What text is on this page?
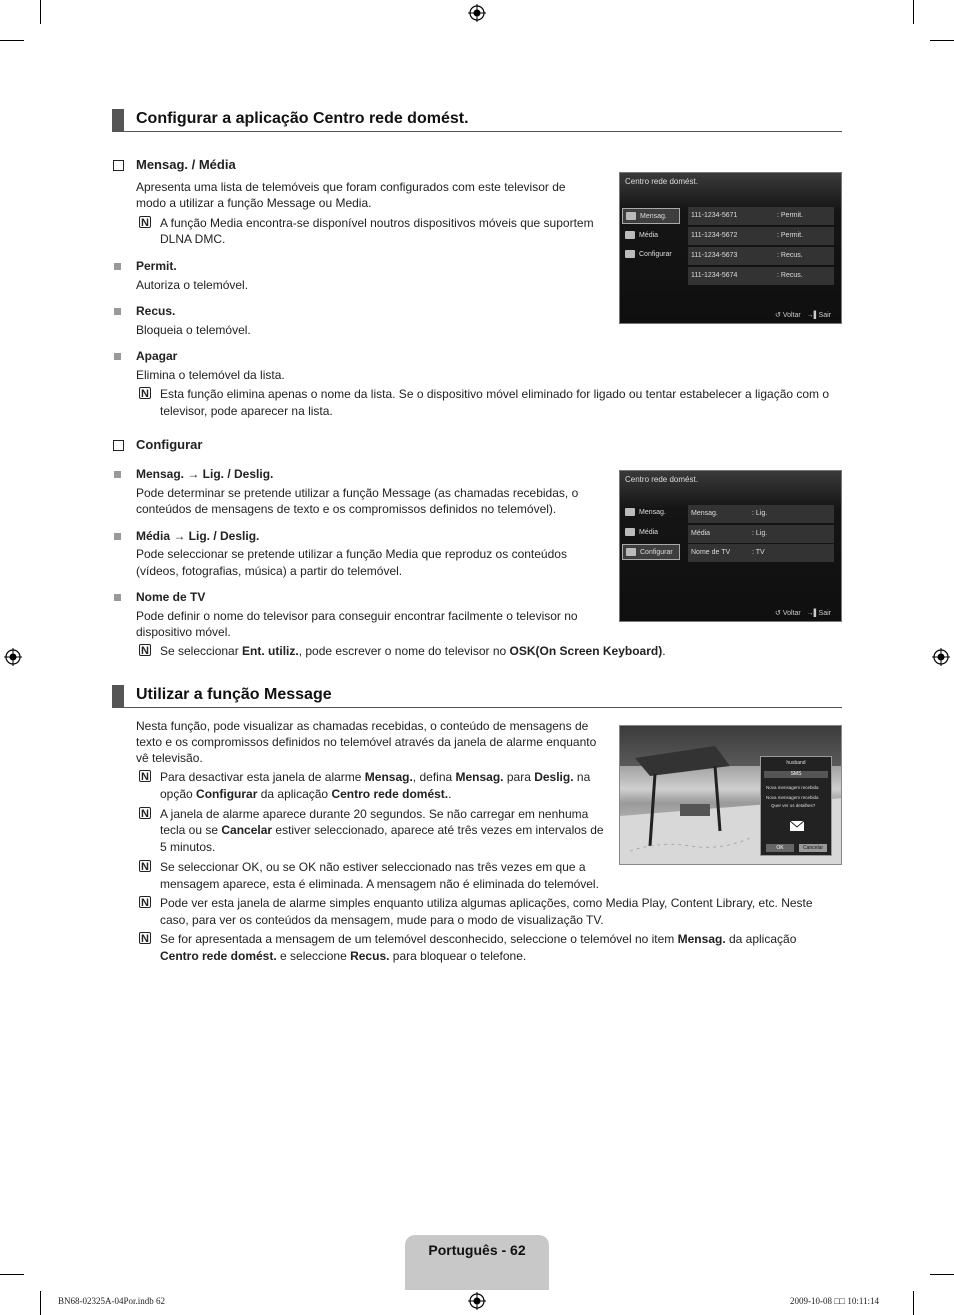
Configurar a aplicação Centro rede domést.
Mensag. / Média
Apresenta uma lista de telemóveis que foram configurados com este televisor de
modo a utilizar a função Message ou Media.
N A função Media encontra-se disponível noutros dispositivos móveis que suportem
DLNA DMC.
Permit.
Autoriza o telemóvel.
Recus.
Bloqueia o telemóvel.
Apagar
Elimina o telemóvel da lista.
N Esta função elimina apenas o nome da lista. Se o dispositivo móvel eliminado for ligado ou tentar estabelecer a ligação com o
televisor, pode aparecer na lista.
Centro rede domést.
Mensag.
Média
Configurar
111-1234-5671	: Permit.
111-1234-5672	: Permit.
111-1234-5673	: Recus.
111-1234-5674	: Recus.
↺ Voltar →▌Sair
Configurar
Mensag. → Lig. / Deslig.
Pode determinar se pretende utilizar a função Message (as chamadas recebidas, o
conteúdos de mensagens de texto e os compromissos definidos no telemóvel).
Média → Lig. / Deslig.
Pode seleccionar se pretende utilizar a função Media que reproduz os conteúdos
(vídeos, fotografias, música) a partir do telemóvel.
Nome de TV
Pode definir o nome do televisor para conseguir encontrar facilmente o televisor no
dispositivo móvel.
N Se seleccionar Ent. utiliz., pode escrever o nome do televisor no OSK(On Screen Keyboard).
Centro rede domést.
Mensag.
Média
Configurar
Mensag.	: Lig.
Média	: Lig.
Nome de TV	: TV
↺ Voltar →▌Sair
Utilizar a função Message
Nesta função, pode visualizar as chamadas recebidas, o conteúdo de mensagens de
texto e os compromissos definidos no telemóvel através da janela de alarme enquanto
vê televisão.
N Para desactivar esta janela de alarme Mensag., defina Mensag. para Deslig. na
opção Configurar da aplicação Centro rede domést..
N A janela de alarme aparece durante 20 segundos. Se não carregar em nenhuma
tecla ou se Cancelar estiver seleccionado, aparece até três vezes em intervalos de
5 minutos.
N Se seleccionar OK, ou se OK não estiver seleccionado nas três vezes em que a
mensagem aparece, esta é eliminada. A mensagem não é eliminada do telemóvel.
N Pode ver esta janela de alarme simples enquanto utiliza algumas aplicações, como Media Play, Content Library, etc. Neste
caso, para ver os conteúdos da mensagem, mude para o modo de visualização TV.
N Se for apresentada a mensagem de um telemóvel desconhecido, seleccione o telemóvel no item Mensag. da aplicação
Centro rede domést. e seleccione Recus. para bloquear o telefone.
husband
SMS
Nova mensagem recebida
Nova mensagem recebida
Quer ver os detalhes?
OK	Cancelar
Português - 62
BN68-02325A-04Por.indb 62	2009-10-08 □□ 10:11:14
